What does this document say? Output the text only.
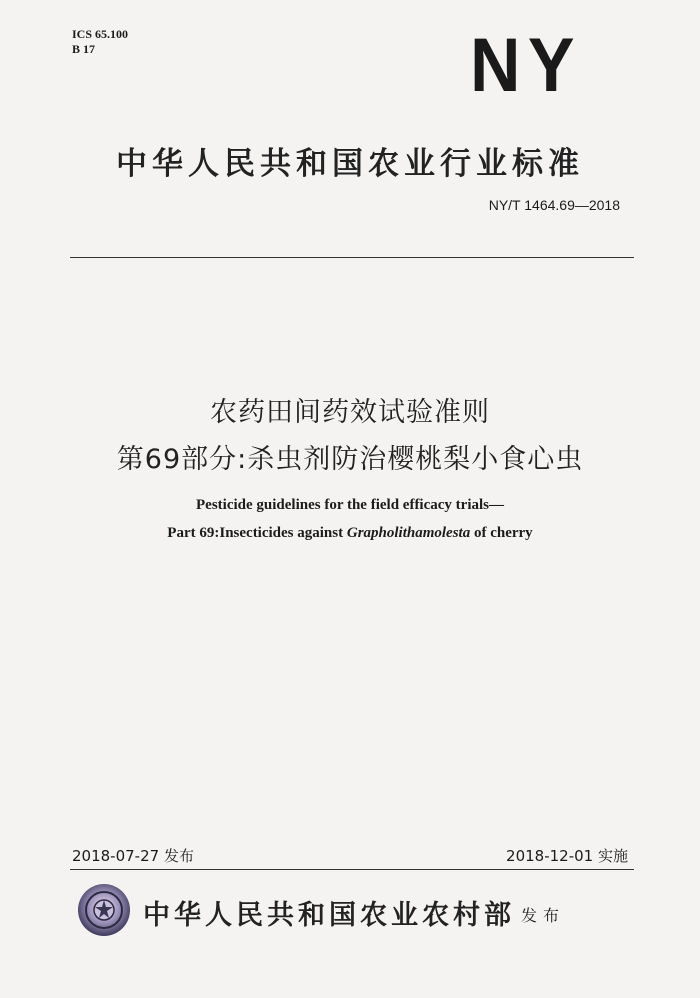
ICS 65.100
B 17	NY
中华人民共和国农业行业标准
NY/T 1464.69—2018
农药田间药效试验准则
第69部分:杀虫剂防治樱桃梨小食心虫
Pesticide guidelines for the field efficacy trials—
Part 69:Insecticides against Grapholithamolesta of cherry
2018-07-27 发布	2018-12-01 实施
中华人民共和国农业农村部 发布
